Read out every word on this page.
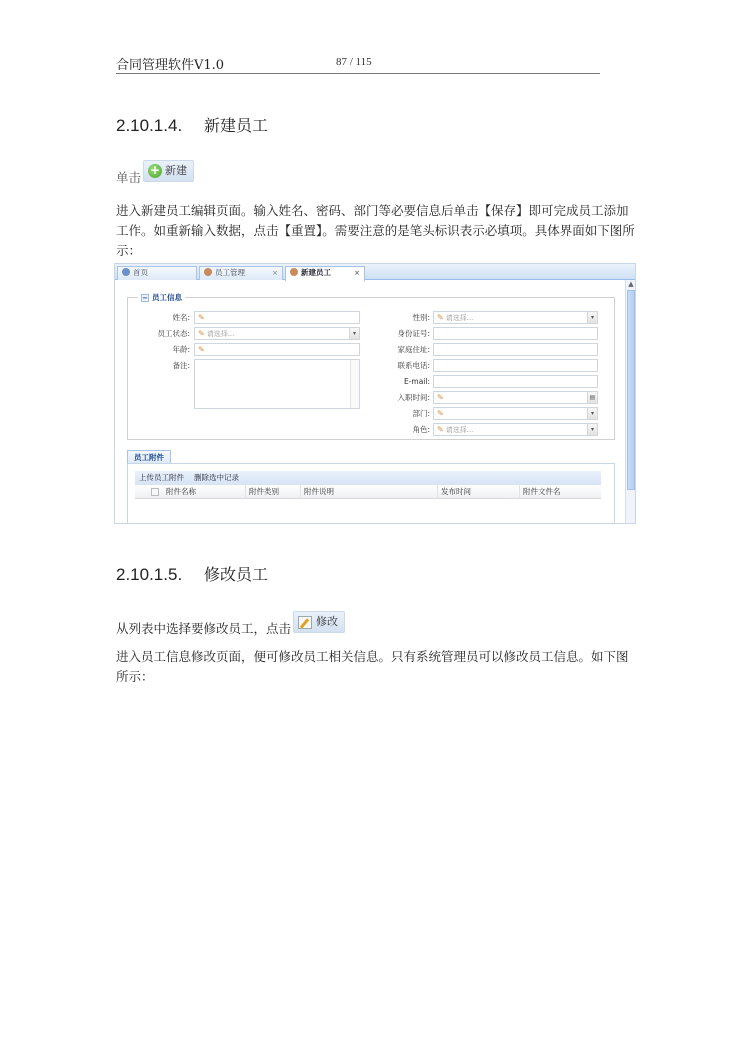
合同管理软件V1.0	87 / 115
2.10.1.4. 新建员工
单击 + 新建
进入新建员工编辑页面。输入姓名、密码、部门等必要信息后单击【保存】即可完成员工添加工作。如重新输入数据，点击【重置】。需要注意的是笔头标识表示必填项。具体界面如下图所示：
首页	员工管理	×	新建员工	×
▲
− 员工信息
姓名:	✎
员工状态:	✎ 请选择...	▾
年龄:	✎
备注:
性别: ✎ 请选择...	▾
身份证号:
家庭住址:
联系电话:
E-mail:
入职时间: ✎	▤
部门: ✎	▾
角色: ✎ 请选择...	▾
员工附件
上传员工附件 删除选中记录
附件名称	附件类别	附件说明	发布时间	附件文件名
2.10.1.5. 修改员工
从列表中选择要修改员工，点击 修改
进入员工信息修改页面，便可修改员工相关信息。只有系统管理员可以修改员工信息。如下图所示：
